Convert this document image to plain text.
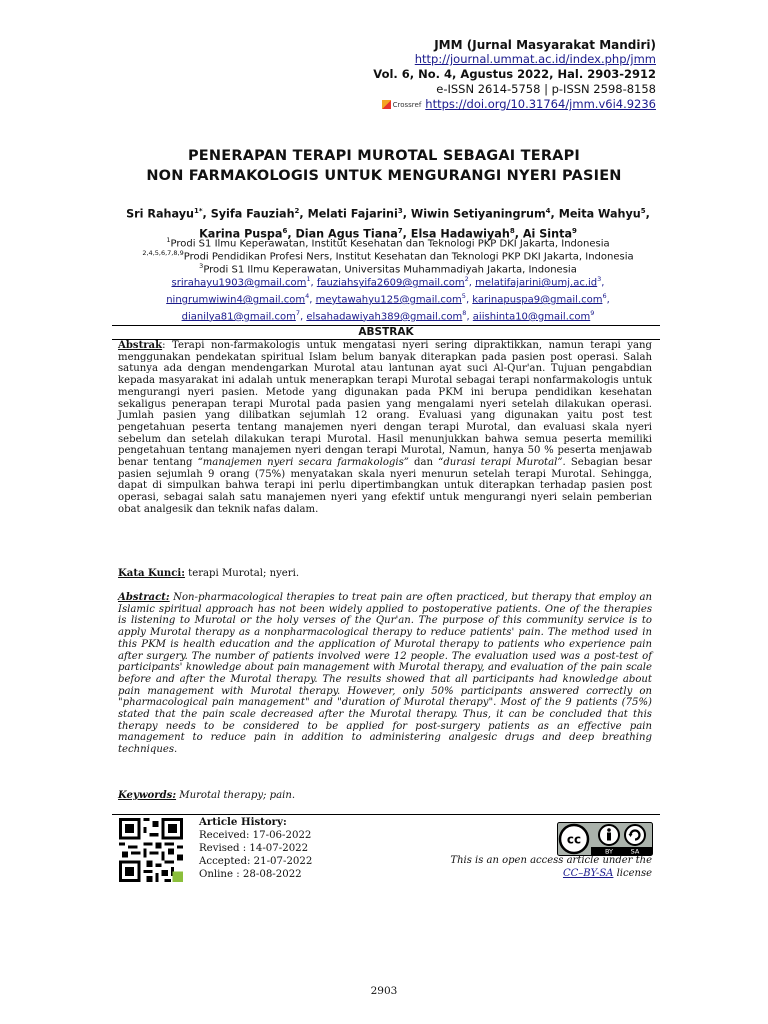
JMM (Jurnal Masyarakat Mandiri)
http://journal.ummat.ac.id/index.php/jmm
Vol. 6, No. 4, Agustus 2022, Hal. 2903-2912
e-ISSN 2614-5758 | p-ISSN 2598-8158
Crossref https://doi.org/10.31764/jmm.v6i4.9236
PENERAPAN TERAPI MUROTAL SEBAGAI TERAPI
NON FARMAKOLOGIS UNTUK MENGURANGI NYERI PASIEN
Sri Rahayu$^{1*}$, Syifa Fauziah$^2$, Melati Fajarini$^3$, Wiwin Setiyaningrum$^4$, Meita Wahyu$^5$,
Karina Puspa$^6$, Dian Agus Tiana$^7$, Elsa Hadawiyah$^8$, Ai Sinta$^9$
$^1$Prodi S1 Ilmu Keperawatan, Institut Kesehatan dan Teknologi PKP DKI Jakarta, Indonesia
$^{2,4,5,6,7,8,9}$Prodi Pendidikan Profesi Ners, Institut Kesehatan dan Teknologi PKP DKI Jakarta, Indonesia
$^3$Prodi S1 Ilmu Keperawatan, Universitas Muhammadiyah Jakarta, Indonesia
srirahayu1903@gmail.com$^1$, fauziahsyifa2609@gmail.com$^2$, $melatifajarini@umj.ac.id^3$,
ningrumwiwin4@gmail.com$^4$, meytawahyu125@gmail.com$^5$, karinapuspa9@gmail.com$^6$,
dianilya81@gmail.com$^7$, elsahadawiyah389@gmail.com$^8$, aiishinta10@gmail.com$^9$
ABSTRAK
Abstrak: Terapi non-farmakologis untuk mengatasi nyeri sering dipraktikkan, namun terapi yang menggunakan pendekatan spiritual Islam belum banyak diterapkan pada pasien post operasi. Salah satunya ada dengan mendengarkan Murotal atau lantunan ayat suci Al-Qur'an. Tujuan pengabdian kepada masyarakat ini adalah untuk menerapkan terapi Murotal sebagai terapi nonfarmakologis untuk mengurangi nyeri pasien. Metode yang digunakan pada PKM ini berupa pendidikan kesehatan sekaligus penerapan terapi Murotal pada pasien yang mengalami nyeri setelah dilakukan operasi. Jumlah pasien yang dilibatkan sejumlah 12 orang. Evaluasi yang digunakan yaitu post test pengetahuan peserta tentang manajemen nyeri dengan terapi Murotal, dan evaluasi skala nyeri sebelum dan setelah dilakukan terapi Murotal. Hasil menunjukkan bahwa semua peserta memiliki pengetahuan tentang manajemen nyeri dengan terapi Murotal, Namun, hanya 50 % peserta menjawab benar tentang “manajemen nyeri secara farmakologis” dan “durasi terapi Murotal”. Sebagian besar pasien sejumlah 9 orang (75%) menyatakan skala nyeri menurun setelah terapi Murotal. Sehingga, dapat di simpulkan bahwa terapi ini perlu dipertimbangkan untuk diterapkan terhadap pasien post operasi, sebagai salah satu manajemen nyeri yang efektif untuk mengurangi nyeri selain pemberian obat analgesik dan teknik nafas dalam.
Kata Kunci: terapi Murotal; nyeri.
Abstract: Non-pharmacological therapies to treat pain are often practiced, but therapy that employ an Islamic spiritual approach has not been widely applied to postoperative patients. One of the therapies is listening to Murotal or the holy verses of the Qur'an. The purpose of this community service is to apply Murotal therapy as a nonpharmacological therapy to reduce patients' pain. The method used in this PKM is health education and the application of Murotal therapy to patients who experience pain after surgery. The number of patients involved were 12 people. The evaluation used was a post-test of participants' knowledge about pain management with Murotal therapy, and evaluation of the pain scale before and after the Murotal therapy. The results showed that all participants had knowledge about pain management with Murotal therapy. However, only 50% participants answered correctly on "pharmacological pain management" and "duration of Murotal therapy". Most of the 9 patients (75%) stated that the pain scale decreased after the Murotal therapy. Thus, it can be concluded that this therapy needs to be considered to be applied for post-surgery patients as an effective pain management to reduce pain in addition to administering analgesic drugs and deep breathing techniques.
Keywords: Murotal therapy; pain.
Article History:
Received: 17-06-2022
Revised : 14-07-2022
Accepted: 21-07-2022
Online : 28-08-2022
cc
BY	SA
This is an open access article under the
CC–BY-SA license
2903
